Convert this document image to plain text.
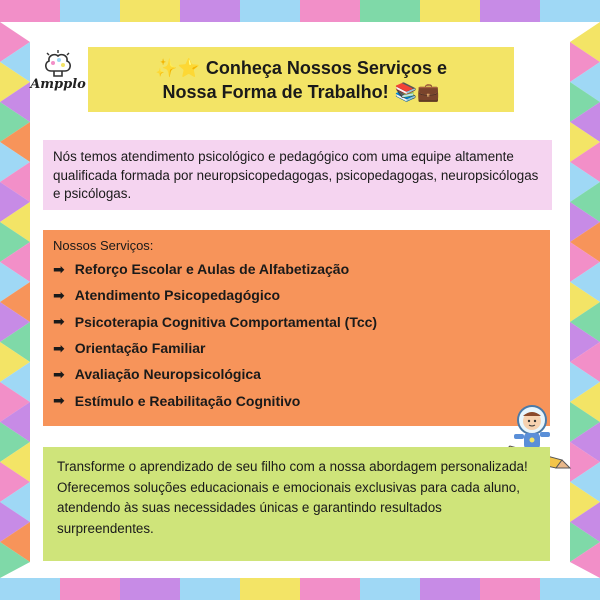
Ampplo
✨⭐ Conheça Nossos Serviços e
Nossa Forma de Trabalho! 📚💼
Nós temos atendimento psicológico e pedagógico com uma equipe altamente qualificada formada por neuropsicopedagogas, psicopedagogas, neuropsicólogas e psicólogas.
Nossos Serviços:
➡ Reforço Escolar e Aulas de Alfabetização
➡ Atendimento Psicopedagógico
➡ Psicoterapia Cognitiva Comportamental (Tcc)
➡ Orientação Familiar
➡ Avaliação Neuropsicológica
➡ Estímulo e Reabilitação Cognitivo
Transforme o aprendizado de seu filho com a nossa abordagem personalizada!
Oferecemos soluções educacionais e emocionais exclusivas para cada aluno, atendendo às suas necessidades únicas e garantindo resultados surpreendentes.
